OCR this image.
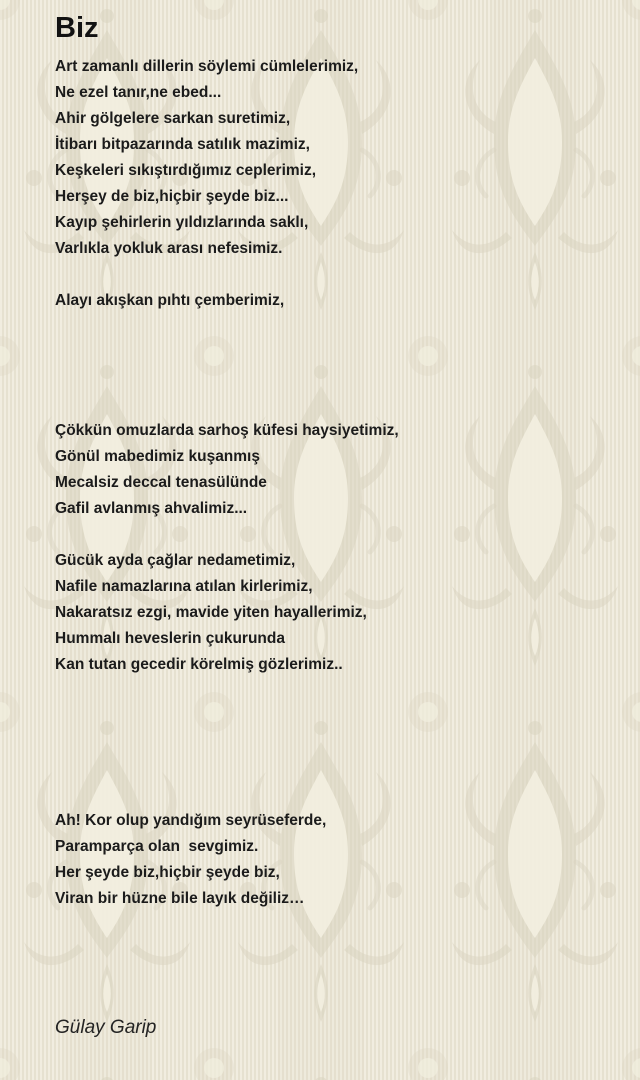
Biz
Art zamanlı dillerin söylemi cümlelerimiz,
Ne ezel tanır,ne ebed...
Ahir gölgelere sarkan suretimiz,
İtibarı bitpazarında satılık mazimiz,
Keşkeleri sıkıştırdığımız ceplerimiz,
Herşey de biz,hiçbir şeyde biz...
Kayıp şehirlerin yıldızlarında saklı,
Varlıkla yokluk arası nefesimiz.
Alayı akışkan pıhtı çemberimiz,
Çökkün omuzlarda sarhoş küfesi haysiyetimiz,
Gönül mabedimiz kuşanmış
Mecalsiz deccal tenasülünde
Gafil avlanmış ahvalimiz...
Gücük ayda çağlar nedametimiz,
Nafile namazlarına atılan kirlerimiz,
Nakaratsız ezgi, mavide yiten hayallerimiz,
Hummalı heveslerin çukurunda
Kan tutan gecedir körelmiş gözlerimiz..
Ah! Kor olup yandığım seyrüseferde,
Paramparça olan  sevgimiz.
Her şeyde biz,hiçbir şeyde biz,
Viran bir hüzne bile layık değiliz…
Gülay Garip
